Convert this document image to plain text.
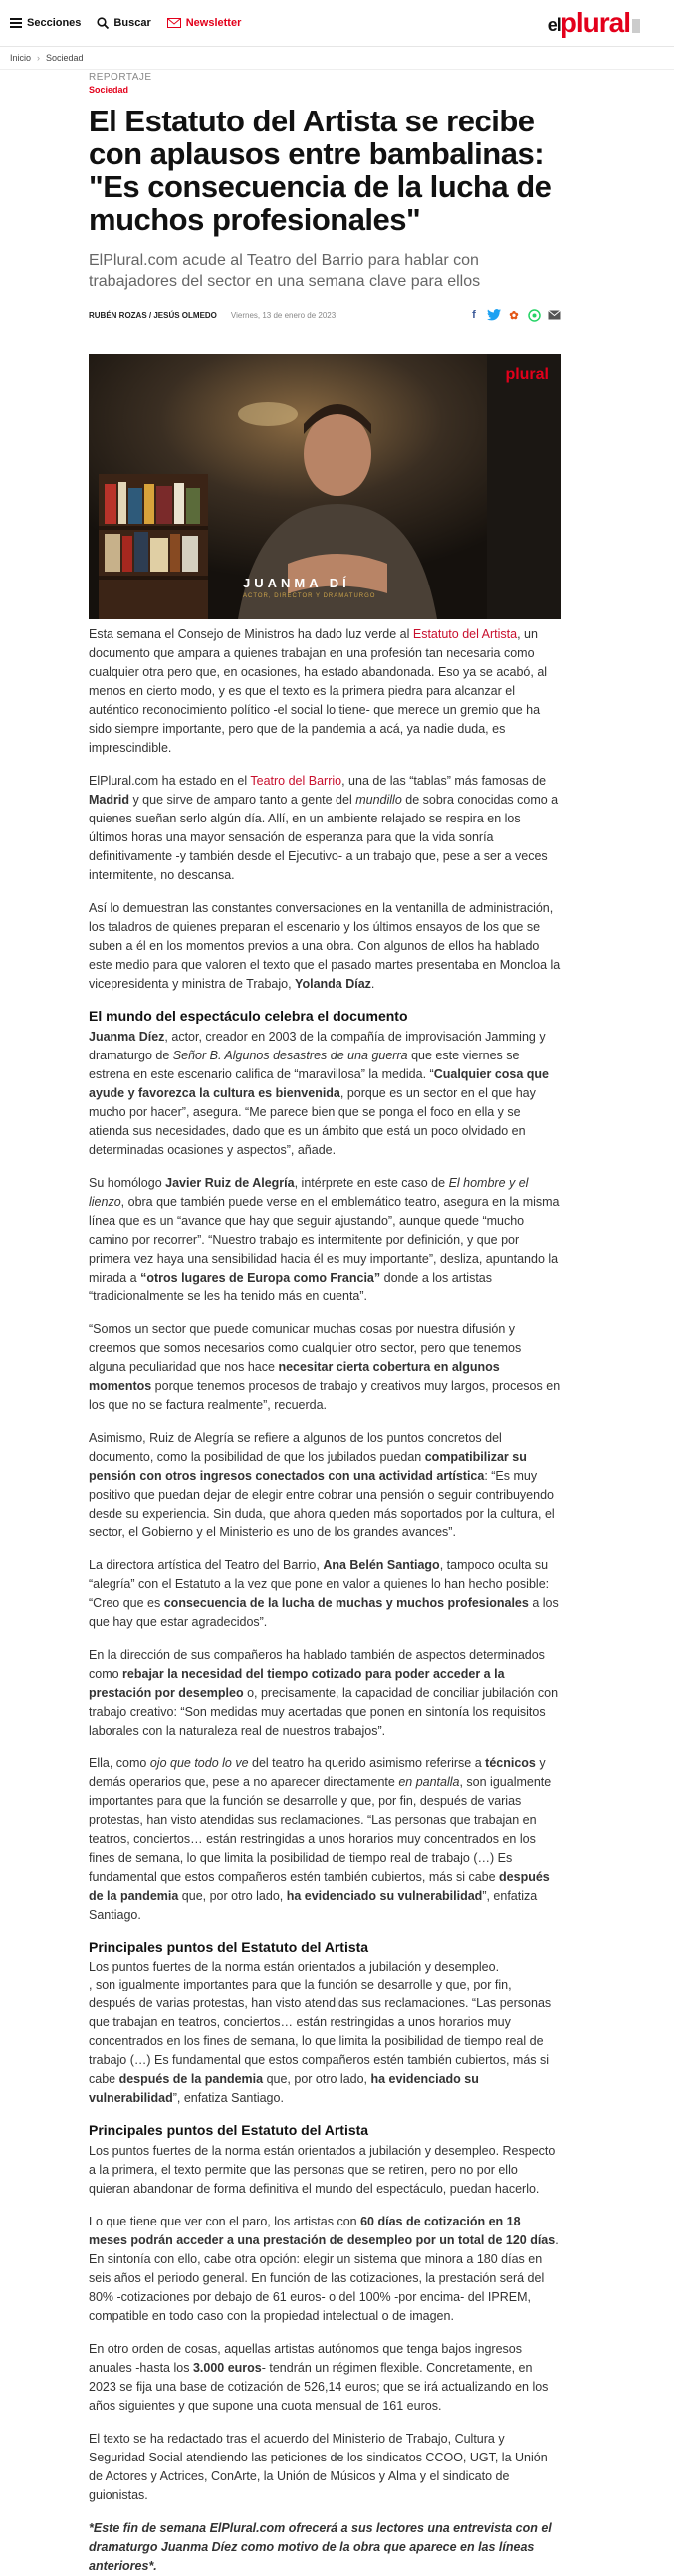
Secciones	Buscar	Newsletter	el plural
Inicio › Sociedad
REPORTAJE
Sociedad
El Estatuto del Artista se recibe con aplausos entre bambalinas: "Es consecuencia de la lucha de muchos profesionales"
ElPlural.com acude al Teatro del Barrio para hablar con trabajadores del sector en una semana clave para ellos
RUBÉN ROZAS / JESÚS OLMEDO Viernes, 13 de enero de 2023	f	✿
plural
JUANMA DÍ
ACTOR, DIRECTOR Y DRAMATURGO

Esta semana el Consejo de Ministros ha dado luz verde al Estatuto del Artista, un documento que ampara a quienes trabajan en una profesión tan necesaria como cualquier otra pero que, en ocasiones, ha estado abandonada. Eso ya se acabó, al menos en cierto modo, y es que el texto es la primera piedra para alcanzar el auténtico reconocimiento político -el social lo tiene- que merece un gremio que ha sido siempre importante, pero que de la pandemia a acá, ya nadie duda, es imprescindible.

ElPlural.com ha estado en el Teatro del Barrio, una de las “tablas” más famosas de Madrid y que sirve de amparo tanto a gente del mundillo de sobra conocidas como a quienes sueñan serlo algún día. Allí, en un ambiente relajado se respira en los últimos horas una mayor sensación de esperanza para que la vida sonría definitivamente -y también desde el Ejecutivo- a un trabajo que, pese a ser a veces intermitente, no descansa.

Así lo demuestran las constantes conversaciones en la ventanilla de administración, los taladros de quienes preparan el escenario y los últimos ensayos de los que se suben a él en los momentos previos a una obra. Con algunos de ellos ha hablado este medio para que valoren el texto que el pasado martes presentaba en Moncloa la vicepresidenta y ministra de Trabajo, Yolanda Díaz.

El mundo del espectáculo celebra el documento

Juanma Díez, actor, creador en 2003 de la compañía de improvisación Jamming y dramaturgo de Señor B. Algunos desastres de una guerra que este viernes se estrena en este escenario califica de “maravillosa” la medida. “Cualquier cosa que ayude y favorezca la cultura es bienvenida, porque es un sector en el que hay mucho por hacer”, asegura. “Me parece bien que se ponga el foco en ella y se atienda sus necesidades, dado que es un ámbito que está un poco olvidado en determinadas ocasiones y aspectos”, añade.

Su homólogo Javier Ruiz de Alegría, intérprete en este caso de El hombre y el lienzo, obra que también puede verse en el emblemático teatro, asegura en la misma línea que es un “avance que hay que seguir ajustando”, aunque quede “mucho camino por recorrer”. “Nuestro trabajo es intermitente por definición, y que por primera vez haya una sensibilidad hacia él es muy importante”, desliza, apuntando la mirada a “otros lugares de Europa como Francia” donde a los artistas “tradicionalmente se les ha tenido más en cuenta”.

“Somos un sector que puede comunicar muchas cosas por nuestra difusión y creemos que somos necesarios como cualquier otro sector, pero que tenemos alguna peculiaridad que nos hace necesitar cierta cobertura en algunos momentos porque tenemos procesos de trabajo y creativos muy largos, procesos en los que no se factura realmente”, recuerda.

Asimismo, Ruiz de Alegría se refiere a algunos de los puntos concretos del documento, como la posibilidad de que los jubilados puedan compatibilizar su pensión con otros ingresos conectados con una actividad artística: “Es muy positivo que puedan dejar de elegir entre cobrar una pensión o seguir contribuyendo desde su experiencia. Sin duda, que ahora queden más soportados por la cultura, el sector, el Gobierno y el Ministerio es uno de los grandes avances”.

La directora artística del Teatro del Barrio, Ana Belén Santiago, tampoco oculta su “alegría” con el Estatuto a la vez que pone en valor a quienes lo han hecho posible: “Creo que es consecuencia de la lucha de muchas y muchos profesionales a los que hay que estar agradecidos”.

En la dirección de sus compañeros ha hablado también de aspectos determinados como rebajar la necesidad del tiempo cotizado para poder acceder a la prestación por desempleo o, precisamente, la capacidad de conciliar jubilación con trabajo creativo: “Son medidas muy acertadas que ponen en sintonía los requisitos laborales con la naturaleza real de nuestros trabajos”.

Ella, como ojo que todo lo ve del teatro ha querido asimismo referirse a técnicos y demás operarios que, pese a no aparecer directamente en pantalla, son igualmente importantes para que la función se desarrolle y que, por fin, después de varias protestas, han visto atendidas sus reclamaciones. “Las personas que trabajan en teatros, conciertos… están restringidas a unos horarios muy concentrados en los fines de semana, lo que limita la posibilidad de tiempo real de trabajo (…) Es fundamental que estos compañeros estén también cubiertos, más si cabe después de la pandemia que, por otro lado, ha evidenciado su vulnerabilidad”, enfatiza Santiago.

Principales puntos del Estatuto del Artista

Los puntos fuertes de la norma están orientados a jubilación y desempleo.

, son igualmente importantes para que la función se desarrolle y que, por fin, después de varias protestas, han visto atendidas sus reclamaciones. “Las personas que trabajan en teatros, conciertos… están restringidas a unos horarios muy concentrados en los fines de semana, lo que limita la posibilidad de tiempo real de trabajo (…) Es fundamental que estos compañeros estén también cubiertos, más si cabe después de la pandemia que, por otro lado, ha evidenciado su vulnerabilidad”, enfatiza Santiago.

Principales puntos del Estatuto del Artista

Los puntos fuertes de la norma están orientados a jubilación y desempleo. Respecto a la primera, el texto permite que las personas que se retiren, pero no por ello quieran abandonar de forma definitiva el mundo del espectáculo, puedan hacerlo.

Lo que tiene que ver con el paro, los artistas con 60 días de cotización en 18 meses podrán acceder a una prestación de desempleo por un total de 120 días. En sintonía con ello, cabe otra opción: elegir un sistema que minora a 180 días en seis años el periodo general. En función de las cotizaciones, la prestación será del 80% -cotizaciones por debajo de 61 euros- o del 100% -por encima- del IPREM, compatible en todo caso con la propiedad intelectual o de imagen.

En otro orden de cosas, aquellas artistas autónomos que tenga bajos ingresos anuales -hasta los 3.000 euros- tendrán un régimen flexible. Concretamente, en 2023 se fija una base de cotización de 526,14 euros; que se irá actualizando en los años siguientes y que supone una cuota mensual de 161 euros.

El texto se ha redactado tras el acuerdo del Ministerio de Trabajo, Cultura y Seguridad Social atendiendo las peticiones de los sindicatos CCOO, UGT, la Unión de Actores y Actrices, ConArte, la Unión de Músicos y Alma y el sindicato de guionistas.

*Este fin de semana ElPlural.com ofrecerá a sus lectores una entrevista con el dramaturgo Juanma Díez como motivo de la obra que aparece en las líneas anteriores*.
